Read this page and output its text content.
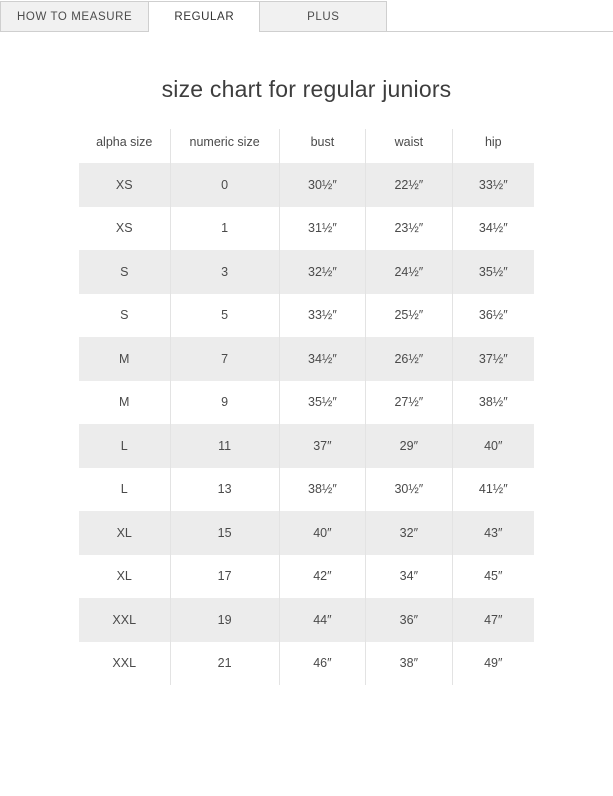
HOW TO MEASURE	REGULAR	PLUS
size chart for regular juniors
alpha size	numeric size	bust	waist	hip
XS	0	30½″	22½″	33½″
XS	1	31½″	23½″	34½″
S	3	32½″	24½″	35½″
S	5	33½″	25½″	36½″
M	7	34½″	26½″	37½″
M	9	35½″	27½″	38½″
L	11	37″	29″	40″
L	13	38½″	30½″	41½″
XL	15	40″	32″	43″
XL	17	42″	34″	45″
XXL	19	44″	36″	47″
XXL	21	46″	38″	49″
